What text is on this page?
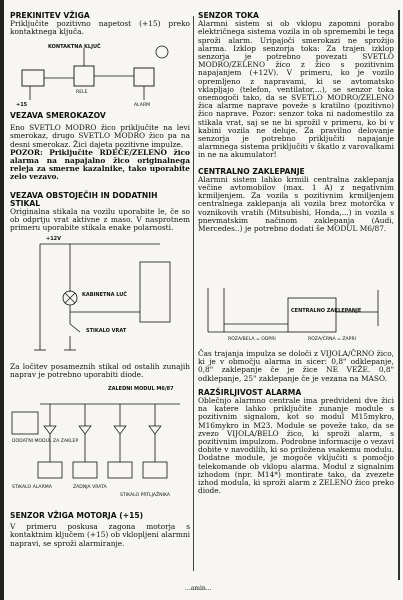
PREKINITEV VŽIGA
Priključite pozitivno napetost (+15) preko kontaktnega ključa.
KONTAKTNA KLJUČ
RELE
+15	ALARM
VEZAVA SMEROKAZOV
Eno SVETLO MODRO žico priključite na levi smerokaz, drugo SVETLO MODRO žico pa na desni smerokaz. Žici dajeta pozitivne impulze.
POZOR: Priključite RDEČE/ZELENO žico alarma na napajalno žico originalnega releja za smerne kazalnike, tako uporabite zelo vezavo.
VEZAVA OBSTOJEČIH IN DODATNIH STIKAL
Originalna stikala na vozilu uporabite le, če so ob odprtju vrat aktivne z maso. V nasprotnem primeru uporabite stikala enake polarnosti.
+12V
KABINETNA LUČ
STIKALO VRAT
Za ločitev posameznih stikal od ostalih zunajih naprav je potrebno uporabiti diode.
ZALEDNI MODUL M6/87
DODATNI MODUL ZA ZAKLEP
STIKALO ALARMA	ZADNJA VRATA
STIKALO PRTLJAŽNIKA
SENZOR VŽIGA MOTORJA (+15)
V primeru poskusa zagona motorja s kontaktnim ključem (+15) ob vklopljeni alarmni napravi, se sproži alarmiranje.
SENZOR TOKA
Alarmni sistem si ob vklopu zapomni porabo električnega sistema vozila in ob spremembi le tega sproži alarm. Uripajoči smerokazi ne sprožijo alarma. Izklop senzorja toka: Za trajen izklop senzorja je potrebno povezati SVETLO MODRO/ZELENO žico z žico s pozitivnim napajanjem (+12V). V primeru, ko je vozilo opremljeno z napravami, ki se avtomatsko vklapljajo (telefon, ventilator,...), se senzor toka onemogoči tako, da se SVETLO MODRO/ZELENO žica alarme naprave poveže s kratilno (pozitivno) žico naprave. Pozor: senzor toka ni nadomestilo za stikala vrat, saj se ne bi sprožil v primeru, ko bi v kabini vozila ne deluje. Za pravilno delovanje senzorja je potrebno priključiti napajanje alarmnega sistema priključiti v škatlo z varovalkami in ne na akumulator!
CENTRALNO ZAKLEPANJE
Alarmni sistem lahko krmili centralna zaklepanja večine avtomobilov (max. 1 A) z negativnim krmiljenjem. Za vozila s pozitivnim krmiljenjem centralnega zaklepanja ali vozila brez motorčka v voznikovih vratih (Mitsubishi, Honda,...) in vozila s pnevmatskim načinom zaklepanja (Audi, Mercedes..) je potrebno dodati še MODUL M6/87.
CENTRALNO ZAKLEPANJE
ROZA/ČRNA = ZAPRI
ROZA/BELA = ODPRI
Čas trajanja impulza se določi z VIJOLA/ČRNO žico, ki je v območju alarma in sicer: 0,8" odklepanje, 0,8" zaklepanje če je žice NE VEŽE. 0,8" odklepanje, 25" zaklepanje če je vezana na MASO.
RAZŠIRLJIVOST ALARMA
Oblečnjo alarmno centrale ima predvideni dve žici na katere lahko priključite zunanje module s pozitivnim signalom, kot so modul M15mykro, M16mykro in M23. Module se poveže tako, da se zvezo VIJOLA/BELO žico, ki sproži alarm, s pozitivnim impulzom. Podrobne informacije o vezavi dobite v navodilih, ki so priložena vsakemu modulu. Dodatne module, je mogoče vključiti s pomočjo telekomande ob vklopu alarma. Modul z signalnim izhodom (npr. M14*) montirate tako, da zvezete izhod modula, ki sproži alarm z ZELENO žico preko diode.
...amin...
